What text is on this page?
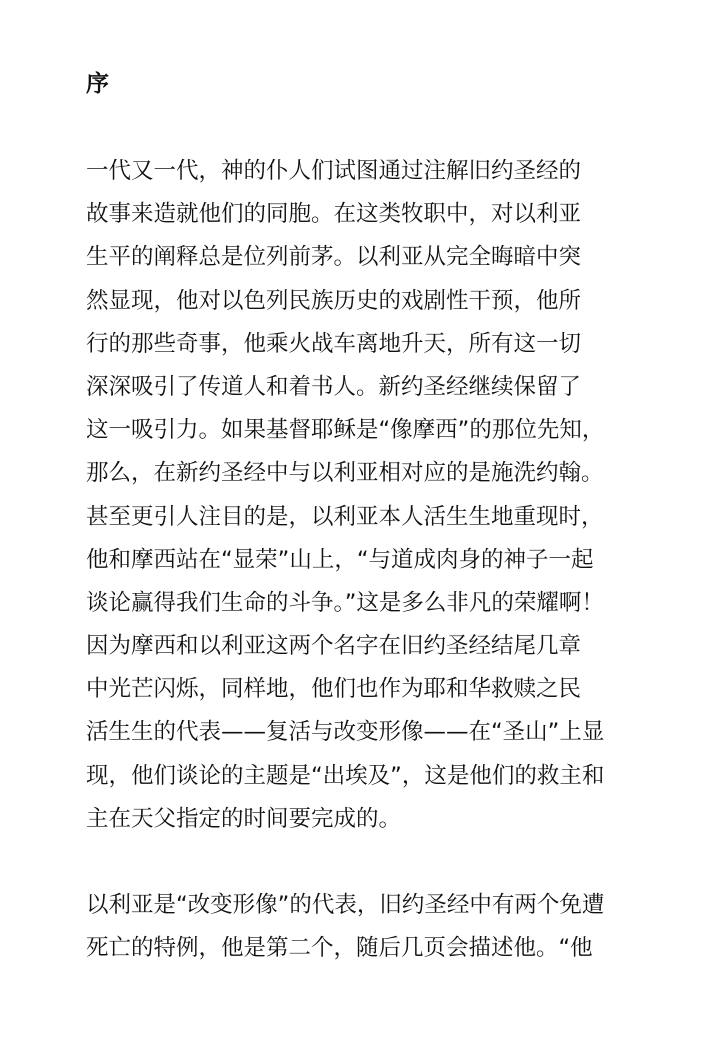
序

一代又一代，神的仆人们试图通过注解旧约圣经的
故事来造就他们的同胞。在这类牧职中，对以利亚
生平的阐释总是位列前茅。以利亚从完全晦暗中突
然显现，他对以色列民族历史的戏剧性干预，他所
行的那些奇事，他乘火战车离地升天，所有这一切
深深吸引了传道人和着书人。新约圣经继续保留了
这一吸引力。如果基督耶稣是“像摩西”的那位先知，
那么，在新约圣经中与以利亚相对应的是施洗约翰。
甚至更引人注目的是，以利亚本人活生生地重现时，
他和摩西站在“显荣”山上，“与道成肉身的神子一起
谈论赢得我们生命的斗争。”这是多么非凡的荣耀啊！
因为摩西和以利亚这两个名字在旧约圣经结尾几章
中光芒闪烁，同样地，他们也作为耶和华救赎之民
活生生的代表——复活与改变形像——在“圣山”上显
现，他们谈论的主题是“出埃及”，这是他们的救主和
主在天父指定的时间要完成的。

以利亚是“改变形像”的代表，旧约圣经中有两个免遭
死亡的特例，他是第二个，随后几页会描述他。“他
